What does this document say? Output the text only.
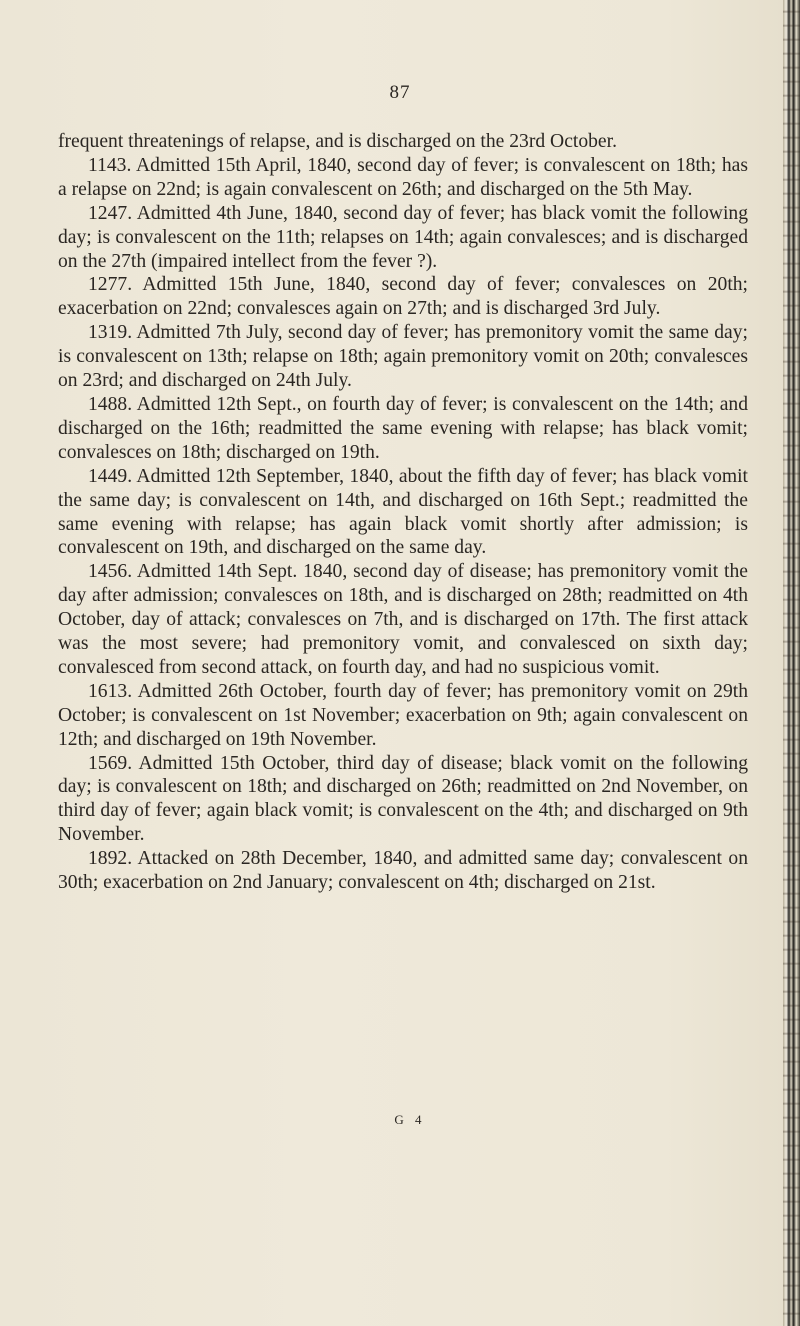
87

frequent threatenings of relapse, and is discharged on the 23rd October.

1143. Admitted 15th April, 1840, second day of fever; is convalescent on 18th; has a relapse on 22nd; is again convalescent on 26th; and discharged on the 5th May.

1247. Admitted 4th June, 1840, second day of fever; has black vomit the following day; is convalescent on the 11th; relapses on 14th; again convalesces; and is discharged on the 27th (impaired intellect from the fever ?).

1277. Admitted 15th June, 1840, second day of fever; convalesces on 20th; exacerbation on 22nd; convalesces again on 27th; and is discharged 3rd July.

1319. Admitted 7th July, second day of fever; has premonitory vomit the same day; is convalescent on 13th; relapse on 18th; again premonitory vomit on 20th; convalesces on 23rd; and discharged on 24th July.

1488. Admitted 12th Sept., on fourth day of fever; is convalescent on the 14th; and discharged on the 16th; readmitted the same evening with relapse; has black vomit; convalesces on 18th; discharged on 19th.

1449. Admitted 12th September, 1840, about the fifth day of fever; has black vomit the same day; is convalescent on 14th, and discharged on 16th Sept.; readmitted the same evening with relapse; has again black vomit shortly after admission; is convalescent on 19th, and discharged on the same day.

1456. Admitted 14th Sept. 1840, second day of disease; has premonitory vomit the day after admission; convalesces on 18th, and is discharged on 28th; readmitted on 4th October, day of attack; convalesces on 7th, and is discharged on 17th. The first attack was the most severe; had premonitory vomit, and convalesced on sixth day; convalesced from second attack, on fourth day, and had no suspicious vomit.

1613. Admitted 26th October, fourth day of fever; has premonitory vomit on 29th October; is convalescent on 1st November; exacerbation on 9th; again convalescent on 12th; and discharged on 19th November.

1569. Admitted 15th October, third day of disease; black vomit on the following day; is convalescent on 18th; and discharged on 26th; readmitted on 2nd November, on third day of fever; again black vomit; is convalescent on the 4th; and discharged on 9th November.

1892. Attacked on 28th December, 1840, and admitted same day; convalescent on 30th; exacerbation on 2nd January; convalescent on 4th; discharged on 21st.

G 4
